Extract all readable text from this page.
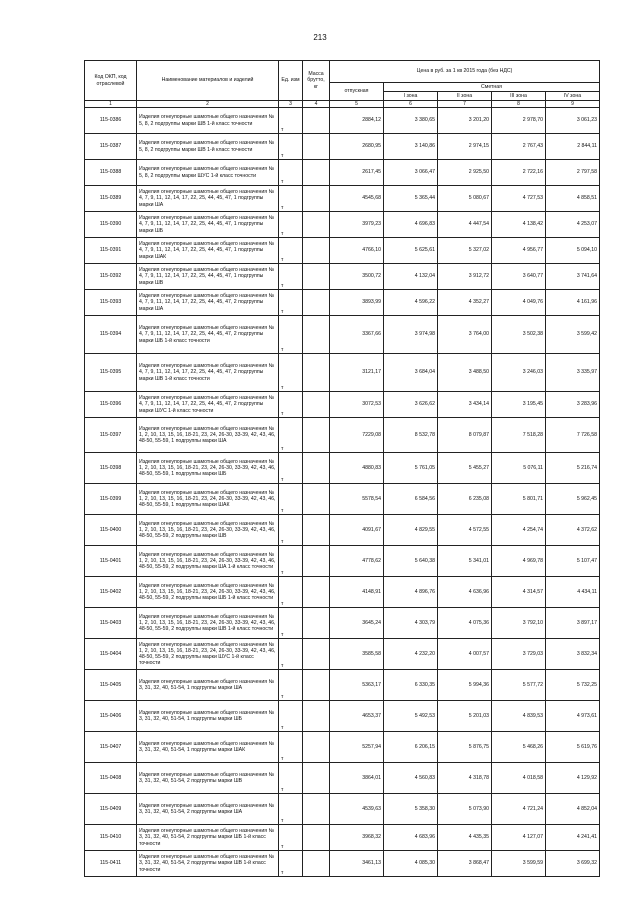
213
Код ОКП, код отраслевой	Наименование материалов и изделий	Ед. изм	Масса брутто, кг	Цена в руб. за 1 кв 2015 года (без НДС)				
				отпускная	Сметная			
					I зона	II зона	III зона	IV зона
1	2	3	4	5	6	7	8	9
115-0386	Изделия огнеупорные шамотные общего назначения № 5, 8, 2 подгруппы марки ШВ 1-й класс точности	т		2884,12	3 380,65	3 201,20	2 978,70	3 061,23
115-0387	Изделия огнеупорные шамотные общего назначения № 5, 8, 2 подгруппы марки ШВ 1-й класс точности	т		2680,95	3 140,86	2 974,15	2 767,43	2 844,11
115-0388	Изделия огнеупорные шамотные общего назначения № 5, 8, 2 подгруппы марки ШУС 1-й класс точности	т		2617,45	3 066,47	2 925,50	2 722,16	2 797,58
115-0389	Изделия огнеупорные шамотные общего назначения № 4, 7, 9, 11, 12, 14, 17, 22, 25, 44, 45, 47, 1 подгруппы марки ША	т		4545,68	5 365,44	5 080,67	4 727,53	4 858,51
115-0390	Изделия огнеупорные шамотные общего назначения № 4, 7, 9, 11, 12, 14, 17, 22, 25, 44, 45, 47, 1 подгруппы марки ШБ	т		3979,23	4 696,83	4 447,54	4 138,42	4 253,07
115-0391	Изделия огнеупорные шамотные общего назначения № 4, 7, 9, 11, 12, 14, 17, 22, 25, 44, 45, 47, 1 подгруппы марки ШАК	т		4766,10	5 625,61	5 327,02	4 956,77	5 094,10
115-0392	Изделия огнеупорные шамотные общего назначения № 4, 7, 9, 11, 12, 14, 17, 22, 25, 44, 45, 47, 1 подгруппы марки ШВ	т		3500,72	4 132,04	3 912,72	3 640,77	3 741,64
115-0393	Изделия огнеупорные шамотные общего назначения № 4, 7, 9, 11, 12, 14, 17, 22, 25, 44, 45, 47, 2 подгруппы марки ША	т		3893,99	4 596,22	4 352,27	4 049,76	4 161,96
115-0394	Изделия огнеупорные шамотные общего назначения № 4, 7, 9, 11, 12, 14, 17, 22, 25, 44, 45, 47, 2 подгруппы марки ШБ 1-й класс точности	т		3367,66	3 974,98	3 764,00	3 502,38	3 599,42
115-0395	Изделия огнеупорные шамотные общего назначения № 4, 7, 9, 11, 12, 14, 17, 22, 25, 44, 45, 47, 2 подгруппы марки ШВ 1-й класс точности	т		3121,17	3 684,04	3 488,50	3 246,03	3 335,97
115-0396	Изделия огнеупорные шамотные общего назначения № 4, 7, 9, 11, 12, 14, 17, 22, 25, 44, 45, 47, 2 подгруппы марки ШУС 1-й класс точности	т		3072,53	3 626,62	3 434,14	3 195,45	3 283,96
115-0397	Изделия огнеупорные шамотные общего назначения № 1, 2, 10, 13, 15, 16, 18-21, 23, 24, 26-30, 33-39, 42, 43, 46, 48-50, 55-59, 1 подгруппы марки ША	т		7229,08	8 532,78	8 079,87	7 518,28	7 726,58
115-0398	Изделия огнеупорные шамотные общего назначения № 1, 2, 10, 13, 15, 16, 18-21, 23, 24, 26-30, 33-39, 42, 43, 46, 48-50, 55-59, 1 подгруппы марки ШБ	т		4880,83	5 761,05	5 455,27	5 076,11	5 216,74
115-0399	Изделия огнеупорные шамотные общего назначения № 1, 2, 10, 13, 15, 16, 18-21, 23, 24, 26-30, 33-39, 42, 43, 46, 48-50, 55-59, 1 подгруппы марки ШАК	т		5578,54	6 584,56	6 235,08	5 801,71	5 962,45
115-0400	Изделия огнеупорные шамотные общего назначения № 1, 2, 10, 13, 15, 16, 18-21, 23, 24, 26-30, 33-39, 42, 43, 46, 48-50, 55-59, 2 подгруппы марки ШВ	т		4091,67	4 829,55	4 572,55	4 254,74	4 372,62
115-0401	Изделия огнеупорные шамотные общего назначения № 1, 2, 10, 13, 15, 16, 18-21, 23, 24, 26-30, 33-39, 42, 43, 46, 48-50, 55-59, 2 подгруппы марки ША 1-й класс точности	т		4778,62	5 640,38	5 341,01	4 969,78	5 107,47
115-0402	Изделия огнеупорные шамотные общего назначения № 1, 2, 10, 13, 15, 16, 18-21, 23, 24, 26-30, 33-39, 42, 43, 46, 48-50, 55-59, 2 подгруппы марки ШБ 1-й класс точности	т		4148,91	4 896,76	4 636,96	4 314,57	4 434,11
115-0403	Изделия огнеупорные шамотные общего назначения № 1, 2, 10, 13, 15, 16, 18-21, 23, 24, 26-30, 33-39, 42, 43, 46, 48-50, 55-59, 2 подгруппы марки ШВ 1-й класс точности	т		3645,24	4 303,79	4 075,36	3 792,10	3 897,17
115-0404	Изделия огнеупорные шамотные общего назначения № 1, 2, 10, 13, 15, 16, 18-21, 23, 24, 26-30, 33-39, 42, 43, 46, 48-50, 55-59, 2 подгруппы марки ШУС 1-й класс точности	т		3585,58	4 232,20	4 007,57	3 729,03	3 832,34
115-0405	Изделия огнеупорные шамотные общего назначения № 3, 31, 32, 40, 51-54, 1 подгруппы марки ША	т		5363,17	6 330,35	5 994,36	5 577,72	5 732,25
115-0406	Изделия огнеупорные шамотные общего назначения № 3, 31, 32, 40, 51-54, 1 подгруппы марки ШБ	т		4653,37	5 492,53	5 201,03	4 839,53	4 973,61
115-0407	Изделия огнеупорные шамотные общего назначения № 3, 31, 32, 40, 51-54, 1 подгруппы марки ШАК	т		5257,94	6 206,15	5 876,75	5 468,26	5 619,76
115-0408	Изделия огнеупорные шамотные общего назначения № 3, 31, 32, 40, 51-54, 2 подгруппы марки ШВ	т		3864,01	4 560,83	4 318,78	4 018,58	4 129,92
115-0409	Изделия огнеупорные шамотные общего назначения № 3, 31, 32, 40, 51-54, 2 подгруппы марки ША	т		4539,63	5 358,30	5 073,90	4 721,24	4 852,04
115-0410	Изделия огнеупорные шамотные общего назначения № 3, 31, 32, 40, 51-54, 2 подгруппы марки ШБ 1-й класс точности	т		3968,32	4 683,96	4 435,35	4 127,07	4 241,41
115-0411	Изделия огнеупорные шамотные общего назначения № 3, 31, 32, 40, 51-54, 2 подгруппы марки ШВ 1-й класс точности	т		3461,13	4 085,30	3 868,47	3 599,59	3 699,32
